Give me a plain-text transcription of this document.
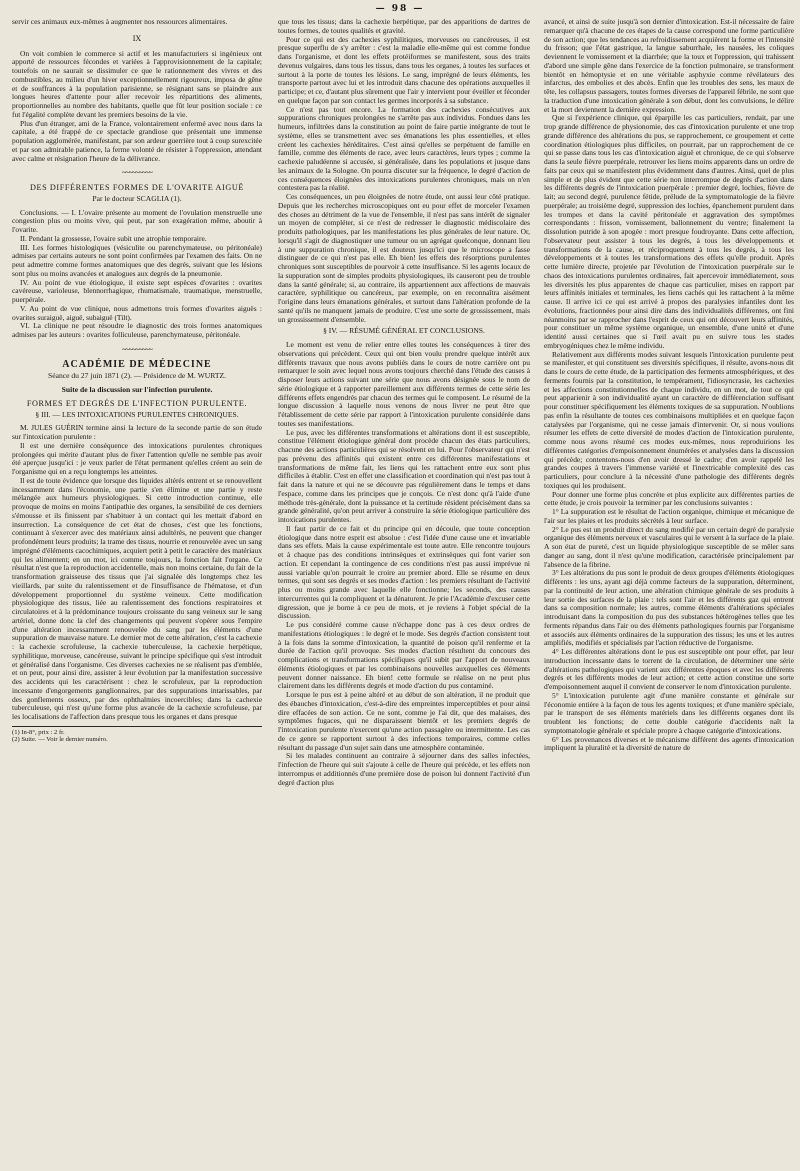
— 98 —

servir ces animaux eux-mêmes à augmenter nos ressources alimentaires.

IX

On voit combien le commerce si actif et les manufacturiers si ingénieux ont apporté de ressources fécondes et variées à l'approvisionnement de la capitale; toutefois on ne saurait se dissimuler ce que le rationnement des vivres et des combustibles, au milieu d'un hiver exceptionnellement rigoureux, imposa de gêne et de souffrances à la population parisienne, se résignant sans se plaindre aux longues heures d'attente pour aller recevoir les répartitions des aliments, proportionnelles au nombre des habitants, quelle que fût leur position sociale : ce fut l'égalité complète devant les premiers besoins de la vie.

Plus d'un étranger, ami de la France, volontairement enfermé avec nous dans la capitale, a été frappé de ce spectacle grandiose que présentait une immense population agglomérée, manifestant, par son ardeur guerrière tout à coup surexcitée et par son admirable patience, la ferme volonté de résister à l'oppression, attendant avec calme et résignation l'heure de la délivrance.

~~~~~~~~~
DES DIFFÉRENTES FORMES DE L'OVARITE AIGUË
Par le docteur SCAGLIA (1).

Conclusions. — I. L'ovaire présente au moment de l'ovulation menstruelle une congestion plus ou moins vive, qui peut, par son exagération même, aboutir à l'ovarite.

II. Pendant la grossesse, l'ovaire subit une atrophie temporaire.

III. Les formes histologiques (vésiculite ou parenchymateuse, ou péritonéale) admises par certains auteurs ne sont point confirmées par l'examen des faits. On ne peut admettre comme formes anatomiques que des degrés, suivant que les lésions sont plus ou moins avancées et analogues aux degrés de la pneumonie.

IV. Au point de vue étiologique, il existe sept espèces d'ovarites : ovarites cavéreuse, varioleuse, blennorrhagique, rhumatismale, traumatique, menstruelle, puerpérale.

V. Au point de vue clinique, nous admettons trois formes d'ovarites aiguës : ovarites suraiguë, aiguë, subaiguë (Tilt).

VI. La clinique ne peut résoudre le diagnostic des trois formes anatomiques admises par les auteurs : ovarites folliculeuse, parenchymateuse, péritonéale.

~~~~~~~~~
ACADÉMIE DE MÉDECINE
Séance du 27 juin 1871 (2). — Présidence de M. WURTZ.
Suite de la discussion sur l'infection purulente.
FORMES ET DEGRÉS DE L'INFECTION PURULENTE.
§ III. — LES INTOXICATIONS PURULENTES CHRONIQUES.

M. JULES GUÉRIN termine ainsi la lecture de la seconde partie de son étude sur l'intoxication purulente :

Il est une dernière conséquence des intoxications purulentes chroniques prolongées qui mérite d'autant plus de fixer l'attention qu'elle ne semble pas avoir été aperçue jusqu'ici : je veux parler de l'état permanent qu'elles créent au sein de l'organisme qui en a reçu longtemps les atteintes.

Il est de toute évidence que lorsque des liquides altérés entrent et se renouvellent incessamment dans l'économie, une partie s'en élimine et une partie y reste mélangée aux humeurs physiologiques. Si cette introduction continue, elle provoque de moins en moins l'antipathie des organes, la sensibilité de ces derniers s'émousse et ils finissent par s'habituer à un contact qui les mettait d'abord en insurrection. La conséquence de cet état de choses, c'est que les fonctions, continuant à s'exercer avec des matériaux ainsi adultérés, ne peuvent que changer profondément leurs produits; la trame des tissus, nourrie et renouvelée avec un sang imprégné d'éléments cacochimiques, acquiert petit à petit le caractère des matériaux qui les alimentent; en un mot, ici comme toujours, la fonction fait l'organe. Ce résultat n'est que la reproduction accidentelle, mais non moins certaine, du fait de la transformation graisseuse des tissus que j'ai signalée dès longtemps chez les vieillards, par suite du ralentissement et de l'insuffisance de l'hématose, et d'un développement proportionnel du système veineux. Cette modification physiologique des tissus, liée au ralentissement des fonctions respiratoires et circulatoires et à la prédominance toujours croissante du sang veineux sur le sang artériel, donne donc la clef des changements qui peuvent s'opérer sous l'empire d'une altération incessamment renouvelée du sang par les éléments d'une suppuration de mauvaise nature. Le dernier mot de cette altération, c'est la cachexie : la cachexie scrofuleuse, la cachexie tuberculeuse, la cachexie herpétique, syphilitique, morveuse, cancéreuse, suivant le principe spécifique qui s'est introduit et généralisé dans l'organisme. Ces diverses cachexies ne se réalisent pas d'emblée, et on peut, pour ainsi dire, assister à leur évolution par la manifestation successive des accidents qui les caractérisent : chez le scrofuleux, par la reproduction incessante d'engorgements ganglionnaires, par des suppurations intarissables, par des gonflements osseux, par des ophthalmies incoercibles; dans la cachexie tuberculeuse, qui n'est qu'une forme plus avancée de la cachexie scrofuleuse, par les localisations de l'affection dans presque tous les organes et dans presque

(1) In-8°, prix : 2 fr.
(2) Suite. — Voir le dernier numéro.

que tous les tissus; dans la cachexie herpétique, par des apparitions de dartres de toutes formes, de toutes qualités et gravité.

Pour ce qui est des cachexies syphilitiques, morveuses ou cancéreuses, il est presque superflu de s'y arrêter : c'est la maladie elle-même qui est comme fondue dans l'organisme, et dont les effets protéiformes se manifestent, sous des traits devenus vulgaires, dans tous les tissus, dans tous les organes, à toutes les surfaces et surtout à la porte de toutes les lésions. Le sang, imprégné de leurs éléments, les transporte partout avec lui et les introduit dans chacune des opérations auxquelles il participe; et ce, d'autant plus sûrement que l'air y intervient pour éveiller et féconder en quelque façon par son contact les germes incorporés à sa substance.

Ce n'est pas tout encore. La formation des cachexies consécutives aux suppurations chroniques prolongées ne s'arrête pas aux individus. Fondues dans les humeurs, infiltrées dans la constitution au point de faire partie intégrante de tout le système, elles se transmettent avec ses émanations les plus essentielles, et elles créent les cachexies héréditaires. C'est ainsi qu'elles se perpétuent de famille en famille, comme des éléments de race, avec leurs caractères, leurs types ; comme la cachexie paludéenne si accusée, si généralisée, dans les populations et jusque dans les animaux de la Sologne. On pourra discuter sur la fréquence, le degré d'action de ces conséquences éloignées des intoxications purulentes chroniques, mais on n'en contestera pas la réalité.

Ces conséquences, un peu éloignées de notre étude, ont aussi leur côté pratique. Depuis que les recherches microscopiques ont eu pour effet de morceler l'examen des choses au détriment de la vue de l'ensemble, il n'est pas sans intérêt de signaler un moyen de compléter, si ce n'est de redresser le diagnostic médiscolaire des produits pathologiques, par les manifestations les plus générales de leur nature. Or, lorsqu'il s'agit de diagnostiquer une tumeur ou un agrégat quelconque, donnant lieu à une suppuration chronique, il est douteux jusqu'ici que le microscope a fasse distinguer de ce qui n'est pas elle. Eh bien! les effets des résorptions purulentes chroniques sont susceptibles de pourvoir à cette insuffisance. Si les agents locaux de la suppuration sont de simples produits physiologiques, ils causeront peu de trouble dans la santé générale; si, au contraire, ils appartiennent aux affections de mauvais caractère, syphilitique ou cancéreux, par exemple, on en reconnaîtra aisément l'origine dans leurs émanations générales, et surtout dans l'altération profonde de la santé qu'ils ne manquent jamais de produire. C'est une sorte de grossissement, mais un grossissement d'ensemble.

§ IV. — RÉSUMÉ GÉNÉRAL ET CONCLUSIONS.

Le moment est venu de relier entre elles toutes les conséquences à tirer des observations qui précèdent. Ceux qui ont bien voulu prendre quelque intérêt aux différents travaux que nous avons publiés dans le cours de notre carrière ont pu remarquer le soin avec lequel nous avons toujours cherché dans l'étude des causes à disposer leurs actions suivant une série que nous avons désignée sous le nom de série étiologique et à rapporter pareillement aux différents termes de cette série les différents effets engendrés par chacun des termes qui le composent. Le résumé de la longue discussion à laquelle nous venons de nous livrer ne peut être que l'établissement de cette série par rapport à l'intoxication purulente considérée dans toutes ses manifestations.

Le pus, avec les différentes transformations et altérations dont il est susceptible, constitue l'élément étiologique général dont procède chacun des états particuliers, chacune des actions particulières qui se résolvent en lui. Pour l'observateur qui n'est pas prévenu des affinités qui existent entre ces différentes manifestations et transformations de même fait, les liens qui les rattachent entre eux sont plus difficiles à établir. C'est en effet une classification et coordination qui n'est pas tout à fait dans la nature et qui ne se découvre pas régulièrement dans le temps et dans l'espace, comme dans les principes que je conçois. Ce n'est donc qu'à l'aide d'une méthode très-générale, dont la puissance et la certitude résident précisément dans sa grande généralité, qu'on peut arriver à construire la série étiologique particulière des intoxications purulentes.

Il faut partir de ce fait et du principe qui en découle, que toute conception étiologique dans notre esprit est absolue : c'est l'idée d'une cause une et invariable dans ses effets. Mais la cause expérimentale est toute autre. Elle rencontre toujours et à chaque pas des conditions intrinsèques et extrinsèques qui font varier son action. Et cependant la contingence de ces conditions n'est pas aussi imprévue ni aussi variable qu'on pourrait le croire au premier abord. Elle se résume en deux termes, qui sont ses degrés et ses modes d'action : les premiers résultant de l'activité plus ou moins grande avec laquelle elle fonctionne; les seconds, des causes intercurrentes qui la compliquent et la dénaturent. Je prie l'Académie d'excuser cette digression, que je borne à ce peu de mots, et je reviens à l'objet spécial de la discussion.

Le pus considéré comme cause n'échappe donc pas à ces deux ordres de manifestations étiologiques : le degré et le mode. Ses degrés d'action consistent tout à la fois dans la somme d'intoxication, la quantité de poison qu'il renferme et la durée de l'action qu'il provoque. Ses modes d'action résultent du concours des complications et transformations spécifiques qu'il subit par l'apport de nouveaux éléments étiologiques et par les combinaisons nouvelles auxquelles ces éléments peuvent donner naissance. Eh bien! cette formule se réalise on ne peut plus clairement dans les différents degrés et mode d'action du pus contaminé.

Lorsque le pus est à peine altéré et au début de son altération, il ne produit que des ébauches d'intoxication, c'est-à-dire des empreintes imperceptibles et pour ainsi dire effacées de son action. Ce ne sont, comme je l'ai dit, que des malaises, des symptômes fugaces, qui ne disparaissent bientôt et les premiers degrés de l'intoxication purulente n'exercent qu'une action passagère ou intermittente. Les cas de ce genre se rapportent surtout à des infections temporaires, comme celles résultant du passage d'un sujet sain dans une atmosphère contaminée.

Si les malades continuent au contraire à séjourner dans des salles infectées, l'infection de l'heure qui suit s'ajoute à celle de l'heure qui précède, et les effets non interrompus et additionnés d'une première dose de poison lui donnent l'activité d'un degré d'action plus

avancé, et ainsi de suite jusqu'à son dernier d'intoxication. Est-il nécessaire de faire remarquer qu'à chacune de ces étapes de la cause correspond une forme particulière de son action; que les tendances au refroidissement acquièrent la forme et l'intensité du frisson; que l'état gastrique, la langue saburrhale, les nausées, les coliques deviennent le vomissement et la diarrhée; que la toux et l'oppression, qui trahissent d'abord une simple gêne dans l'exercice de la fonction pulmonaire, se transforment bientôt en hémoptysie et en une véritable asphyxie comme révélateurs des infarctus, des embolies et des abcès. Enfin que les troubles des sens, les maux de tête, les collapsus passagers, toutes formes diverses de l'appareil fébrile, ne sont que la traduction d'une intoxication générale à son début, dont les convulsions, le délire et la mort deviennent la dernière expression.

Que si l'expérience clinique, qui éparpille les cas particuliers, rendait, par une trop grande différence de physionomie, des cas d'intoxication purulente et une trop grande différence des altérations du pus, se rapprochement, ce groupement et cette coordination étiologiques plus difficiles, on pourrait, par un rapprochement de ce qui se passe dans tous les cas d'intoxication aiguë et chronique, de ce qui s'observe dans la seule fièvre puerpérale, retrouver les liens moins apparents dans un ordre de faits par ceux qui se manifestent plus évidemment dans d'autres. Ainsi, quel de plus simple et de plus évident que cette série non interrompue de degrés d'action dans les différents degrés de l'intoxication puerpérale : premier degré, lochies, fièvre de lait; au second degré, purulence fétide, prélude de la symptomatologie de la fièvre puerpérale; au troisième degré, suppression des lochies, épanchement purulent dans les trompes et dans la cavité péritonéale et aggravation des symptômes correspondants : frisson, vomissement, ballonnement du ventre; finalement la dissolution putride à son apogée : mort presque foudroyante. Dans cette affection, l'observateur peut assister à tous les degrés, à tous les développements et transformations de la cause, et réciproquement à tous les degrés, à tous les développements et à toutes les transformations des effets qu'elle produit. Après cette lumière directe, projetée par l'évolution de l'intoxication puerpérale sur le chaos des intoxications purulentes ordinaires, fait apercevoir immédiatement, sous les diversités les plus apparentes de chaque cas particulier, mises en rapport par leurs affinités initiales et terminales, les liens cachés qui les rattachent à la même cause. Il arrive ici ce qui est arrivé à propos des paralysies infantiles dont les évolutions, fractionnées pour ainsi dire dans des individualités différentes, ont fini néanmoins par se rapprocher dans l'esprit de ceux qui ont découvert leurs affinités, pour constituer un même système organique, un ensemble, d'une unité et d'une identité aussi certaines que si l'œil avait pu en suivre tous les stades embryogéniques chez le même individu.

Relativement aux différents modes suivant lesquels l'intoxication purulente peut se manifester, et qui constituent ses diversités spécifiques, il résulte, avons-nous dit dans le cours de cette étude, de la participation des ferments atmosphériques, et des ferments fournis par la constitution, le tempérament, l'idiosyncrasie, les cachexies et les affections constitutionnelles de chaque individu, en un mot, de tout ce qui peut apparienir à son individualité ayant un caractère de différenciation suffisant pour constituer spécifiquement les éléments toxiques de sa suppuration. N'oublions pas enfin la résultante de toutes ces combinaisons multipliées et en quelque façon catalysées par l'organisme, qui ne cesse jamais d'intervenir. Or, si nous voulions résumer les effets de cette diversité de modes d'action de l'intoxication purulente, comme nous avons résumé ces modes eux-mêmes, nous reproduirions les différentes catégories d'empoisonnement énumérées et analysées dans la discussion qui précède; contentons-nous d'en avoir dressé le cadre; d'en avoir rappelé les grandes coupes à travers l'immense variété et l'inextricable complexité des cas particuliers, pour conclure à la nécessité d'une pathologie des différents degrés toxiques qui les produisent.

Pour donner une forme plus concrète et plus explicite aux différentes parties de cette étude, je crois pouvoir la terminer par les conclusions suivantes :

1° La suppuration est le résultat de l'action organique, chimique et mécanique de l'air sur les plaies et les produits sécrétés à leur surface.

2° Le pus est un produit direct du sang modifié par un certain degré de paralysie organique des éléments nerveux et vasculaires qui le versent à la surface de la plaie. A son état de pureté, c'est un liquide physiologique susceptible de se mêler sans danger au sang, dont il n'est qu'une modification, caractérisée principalement par l'absence de la fibrine.

3° Les altérations du pus sont le produit de deux groupes d'éléments étiologiques différents : les uns, ayant agi déjà comme facteurs de la suppuration, déterminent, par la continuité de leur action, une altération chimique générale de ses produits à leur sortie des surfaces de la plaie : tels sont l'air et les différents gaz qui entrent dans sa composition normale; les autres, comme éléments d'altérations spéciales introduisant dans la composition du pus des substances hétérogènes telles que les ferments répandus dans l'air ou des éléments pathologiques fournis par l'organisme et associés aux éléments ordinaires de la suppuration des tissus; les uns et les autres amplifiés, modifiés et spécialisés par l'action réductive de l'organisme.

4° Les différentes altérations dont le pus est susceptible ont pour effet, par leur introduction incessante dans le torrent de la circulation, de déterminer une série d'altérations pathologiques qui varient aux différentes époques et avec les différents degrés et les différents modes de leur action; et cette action constitue une sorte d'empoisonnement auquel il convient de conserver le nom d'intoxication purulente.

5° L'intoxication purulente agit d'une manière constante et générale sur l'économie entière à la façon de tous les agents toxiques; et d'une manière spéciale, par le transport de ses éléments matériels dans les différents organes dont ils troublent les fonctions; de cette double catégorie d'accidents naît la symptomatologie générale et spéciale propre à chaque catégorie d'intoxications.

6° Les provenances diverses et le mécanisme différent des agents d'intoxication impliquent la pluralité et la diversité de nature de
